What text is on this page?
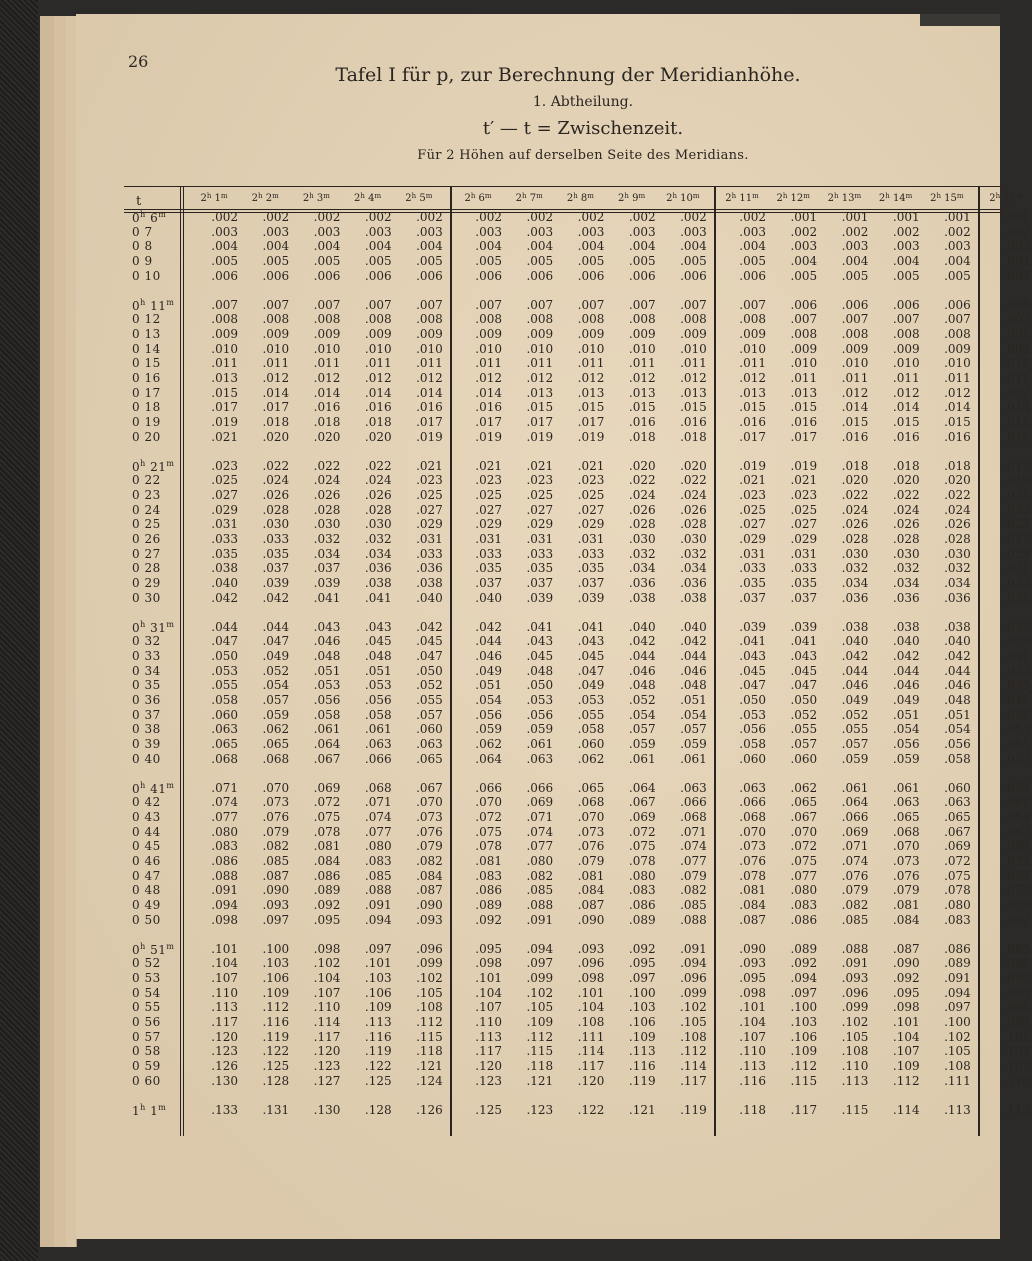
26
Tafel I für p, zur Berechnung der Meridianhöhe.
1. Abtheilung.
t′ — t = Zwischenzeit.
Für 2 Höhen auf derselben Seite des Meridians.
t	2$^h$ 1$^m$	2$^h$ 2$^m$	2$^h$ 3$^m$	2$^h$ 4$^m$	2$^h$ 5$^m$	2$^h$ 6$^m$	2$^h$ 7$^m$	2$^h$ 8$^m$	2$^h$ 9$^m$	2$^h$ 10$^m$	2$^h$ 11$^m$	2$^h$ 12$^m$	2$^h$ 13$^m$	2$^h$ 14$^m$	2$^h$ 15$^m$	2$^h$ 16$^m$
0$^h$ 6$^m$	.002	.002	.002	.002	.002	.002	.002	.002	.002	.002	.002	.001	.001	.001	.001	.001
0 7	.003	.003	.003	.003	.003	.003	.003	.003	.003	.003	.003	.002	.002	.002	.002	.002
0 8	.004	.004	.004	.004	.004	.004	.004	.004	.004	.004	.004	.003	.003	.003	.003	.003
0 9	.005	.005	.005	.005	.005	.005	.005	.005	.005	.005	.005	.004	.004	.004	.004	.004
0 10	.006	.006	.006	.006	.006	.006	.006	.006	.006	.006	.006	.005	.005	.005	.005	.005
0$^h$ 11$^m$	.007	.007	.007	.007	.007	.007	.007	.007	.007	.007	.007	.006	.006	.006	.006	.006
0 12	.008	.008	.008	.008	.008	.008	.008	.008	.008	.008	.008	.007	.007	.007	.007	.007
0 13	.009	.009	.009	.009	.009	.009	.009	.009	.009	.009	.009	.008	.008	.008	.008	.008
0 14	.010	.010	.010	.010	.010	.010	.010	.010	.010	.010	.010	.009	.009	.009	.009	.009
0 15	.011	.011	.011	.011	.011	.011	.011	.011	.011	.011	.011	.010	.010	.010	.010	.010
0 16	.013	.012	.012	.012	.012	.012	.012	.012	.012	.012	.012	.011	.011	.011	.011	.011
0 17	.015	.014	.014	.014	.014	.014	.013	.013	.013	.013	.013	.013	.012	.012	.012	.012
0 18	.017	.017	.016	.016	.016	.016	.015	.015	.015	.015	.015	.015	.014	.014	.014	.014
0 19	.019	.018	.018	.018	.017	.017	.017	.017	.016	.016	.016	.016	.015	.015	.015	.015
0 20	.021	.020	.020	.020	.019	.019	.019	.019	.018	.018	.017	.017	.016	.016	.016	.016
0$^h$ 21$^m$	.023	.022	.022	.022	.021	.021	.021	.021	.020	.020	.019	.019	.018	.018	.018	.017
0 22	.025	.024	.024	.024	.023	.023	.023	.023	.022	.022	.021	.021	.020	.020	.020	.019
0 23	.027	.026	.026	.026	.025	.025	.025	.025	.024	.024	.023	.023	.022	.022	.022	.021
0 24	.029	.028	.028	.028	.027	.027	.027	.027	.026	.026	.025	.025	.024	.024	.024	.023
0 25	.031	.030	.030	.030	.029	.029	.029	.029	.028	.028	.027	.027	.026	.026	.026	.025
0 26	.033	.033	.032	.032	.031	.031	.031	.031	.030	.030	.029	.029	.028	.028	.028	.027
0 27	.035	.035	.034	.034	.033	.033	.033	.033	.032	.032	.031	.031	.030	.030	.030	.029
0 28	.038	.037	.037	.036	.036	.035	.035	.035	.034	.034	.033	.033	.032	.032	.032	.031
0 29	.040	.039	.039	.038	.038	.037	.037	.037	.036	.036	.035	.035	.034	.034	.034	.033
0 30	.042	.042	.041	.041	.040	.040	.039	.039	.038	.038	.037	.037	.036	.036	.036	.035
0$^h$ 31$^m$	.044	.044	.043	.043	.042	.042	.041	.041	.040	.040	.039	.039	.038	.038	.038	.037
0 32	.047	.047	.046	.045	.045	.044	.043	.043	.042	.042	.041	.041	.040	.040	.040	.039
0 33	.050	.049	.048	.048	.047	.046	.045	.045	.044	.044	.043	.043	.042	.042	.042	.041
0 34	.053	.052	.051	.051	.050	.049	.048	.047	.046	.046	.045	.045	.044	.044	.044	.043
0 35	.055	.054	.053	.053	.052	.051	.050	.049	.048	.048	.047	.047	.046	.046	.046	.045
0 36	.058	.057	.056	.056	.055	.054	.053	.053	.052	.051	.050	.050	.049	.049	.048	.048
0 37	.060	.059	.058	.058	.057	.056	.056	.055	.054	.054	.053	.052	.052	.051	.051	.050
0 38	.063	.062	.061	.061	.060	.059	.059	.058	.057	.057	.056	.055	.055	.054	.054	.053
0 39	.065	.065	.064	.063	.063	.062	.061	.060	.059	.059	.058	.057	.057	.056	.056	.055
0 40	.068	.068	.067	.066	.065	.064	.063	.062	.061	.061	.060	.060	.059	.059	.058	.057
0$^h$ 41$^m$	.071	.070	.069	.068	.067	.066	.066	.065	.064	.063	.063	.062	.061	.061	.060	.059
0 42	.074	.073	.072	.071	.070	.070	.069	.068	.067	.066	.066	.065	.064	.063	.063	.062
0 43	.077	.076	.075	.074	.073	.072	.071	.070	.069	.068	.068	.067	.066	.065	.065	.064
0 44	.080	.079	.078	.077	.076	.075	.074	.073	.072	.071	.070	.070	.069	.068	.067	.067
0 45	.083	.082	.081	.080	.079	.078	.077	.076	.075	.074	.073	.072	.071	.070	.069	.069
0 46	.086	.085	.084	.083	.082	.081	.080	.079	.078	.077	.076	.075	.074	.073	.072	.072
0 47	.088	.087	.086	.085	.084	.083	.082	.081	.080	.079	.078	.077	.076	.076	.075	.074
0 48	.091	.090	.089	.088	.087	.086	.085	.084	.083	.082	.081	.080	.079	.079	.078	.077
0 49	.094	.093	.092	.091	.090	.089	.088	.087	.086	.085	.084	.083	.082	.081	.080	.079
0 50	.098	.097	.095	.094	.093	.092	.091	.090	.089	.088	.087	.086	.085	.084	.083	.082
0$^h$ 51$^m$	.101	.100	.098	.097	.096	.095	.094	.093	.092	.091	.090	.089	.088	.087	.086	.085
0 52	.104	.103	.102	.101	.099	.098	.097	.096	.095	.094	.093	.092	.091	.090	.089	.088
0 53	.107	.106	.104	.103	.102	.101	.099	.098	.097	.096	.095	.094	.093	.092	.091	.090
0 54	.110	.109	.107	.106	.105	.104	.102	.101	.100	.099	.098	.097	.096	.095	.094	.093
0 55	.113	.112	.110	.109	.108	.107	.105	.104	.103	.102	.101	.100	.099	.098	.097	.096
0 56	.117	.116	.114	.113	.112	.110	.109	.108	.106	.105	.104	.103	.102	.101	.100	.099
0 57	.120	.119	.117	.116	.115	.113	.112	.111	.109	.108	.107	.106	.105	.104	.102	.101
0 58	.123	.122	.120	.119	.118	.117	.115	.114	.113	.112	.110	.109	.108	.107	.105	.104
0 59	.126	.125	.123	.122	.121	.120	.118	.117	.116	.114	.113	.112	.110	.109	.108	.107
0 60	.130	.128	.127	.125	.124	.123	.121	.120	.119	.117	.116	.115	.113	.112	.111	.110
1$^h$ 1$^m$	.133	.131	.130	.128	.126	.125	.123	.122	.121	.119	.118	.117	.115	.114	.113	.112
